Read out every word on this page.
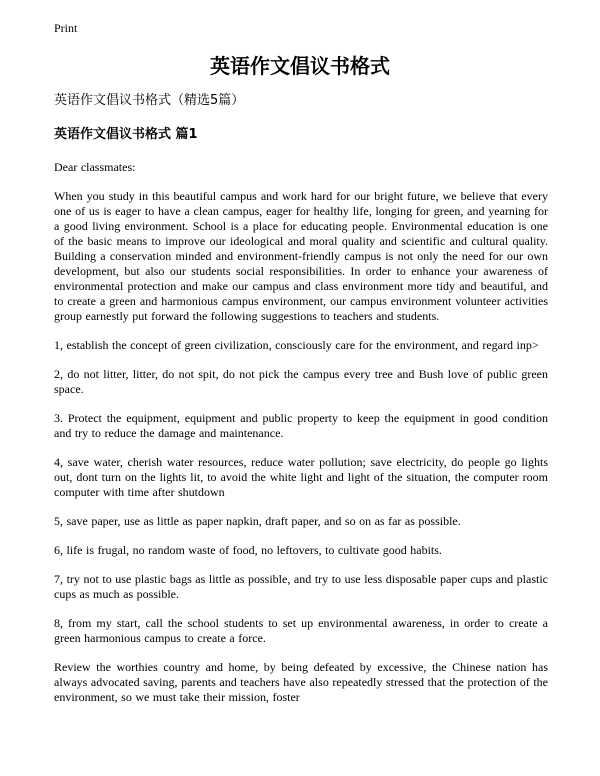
Print
英语作文倡议书格式
英语作文倡议书格式（精选5篇）
英语作文倡议书格式 篇1

Dear classmates:

When you study in this beautiful campus and work hard for our bright future, we believe that every one of us is eager to have a clean campus, eager for healthy life, longing for green, and yearning for a good living environment. School is a place for educating people. Environmental education is one of the basic means to improve our ideological and moral quality and scientific and cultural quality. Building a conservation minded and environment-friendly campus is not only the need for our own development, but also our students social responsibilities. In order to enhance your awareness of environmental protection and make our campus and class environment more tidy and beautiful, and to create a green and harmonious campus environment, our campus environment volunteer activities group earnestly put forward the following suggestions to teachers and students.

1, establish the concept of green civilization, consciously care for the environment, and regard inp>

2, do not litter, litter, do not spit, do not pick the campus every tree and Bush love of public green space.

3. Protect the equipment, equipment and public property to keep the equipment in good condition and try to reduce the damage and maintenance.

4, save water, cherish water resources, reduce water pollution; save electricity, do people go lights out, dont turn on the lights lit, to avoid the white light and light of the situation, the computer room computer with time after shutdown

5, save paper, use as little as paper napkin, draft paper, and so on as far as possible.

6, life is frugal, no random waste of food, no leftovers, to cultivate good habits.

7, try not to use plastic bags as little as possible, and try to use less disposable paper cups and plastic cups as much as possible.

8, from my start, call the school students to set up environmental awareness, in order to create a green harmonious campus to create a force.

Review the worthies country and home, by being defeated by excessive, the Chinese nation has always advocated saving, parents and teachers have also repeatedly stressed that the protection of the environment, so we must take their mission, foster
